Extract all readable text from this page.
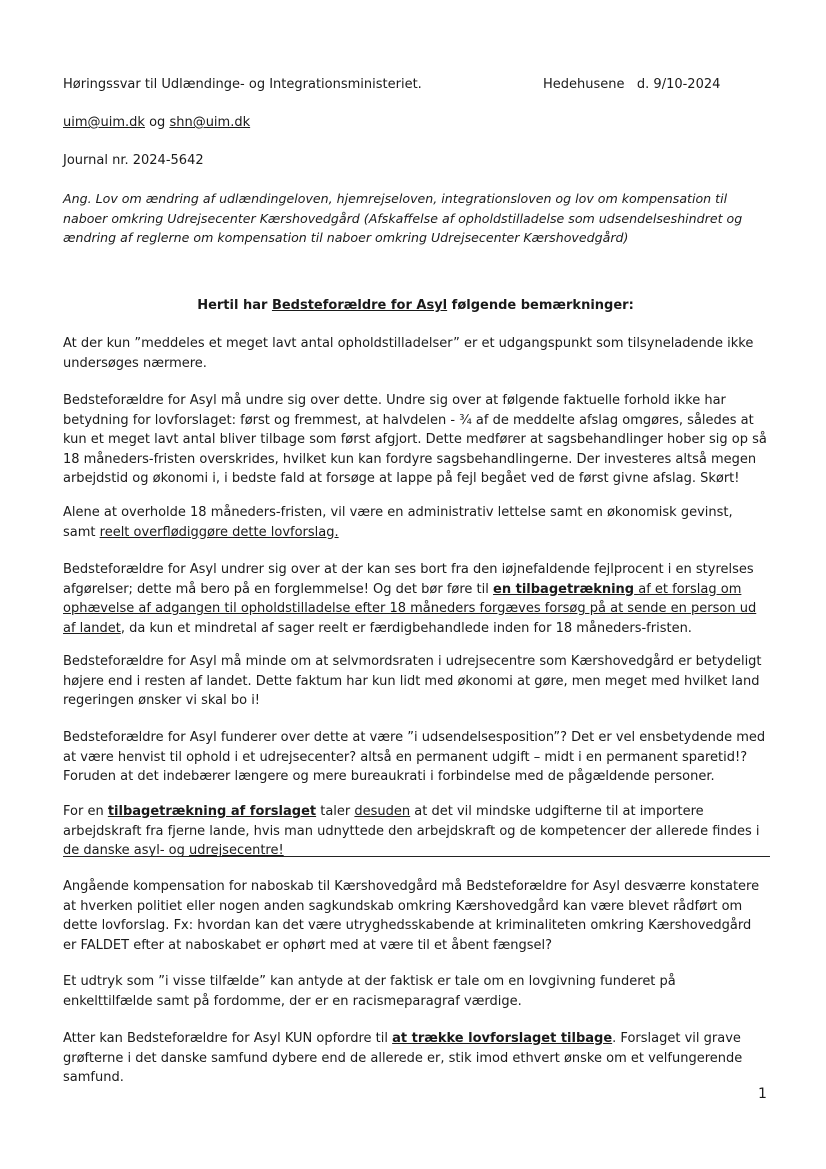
Høringssvar til Udlændinge- og Integrationsministeriet.	Hedehusene   d. 9/10-2024
uim@uim.dk og shn@uim.dk
Journal nr. 2024-5642
Ang. Lov om ændring af udlændingeloven, hjemrejseloven, integrationsloven og lov om kompensation til naboer omkring Udrejsecenter Kærshovedgård (Afskaffelse af opholdstilladelse som udsendelseshindret og ændring af reglerne om kompensation til naboer omkring Udrejsecenter Kærshovedgård)
Hertil har Bedsteforældre for Asyl følgende bemærkninger:
At der kun ”meddeles et meget lavt antal opholdstilladelser” er et udgangspunkt som tilsyneladende ikke undersøges nærmere.
Bedsteforældre for Asyl må undre sig over dette. Undre sig over at følgende faktuelle forhold ikke har betydning for lovforslaget: først og fremmest, at halvdelen - ¾ af de meddelte afslag omgøres, således at kun et meget lavt antal bliver tilbage som først afgjort. Dette medfører at sagsbehandlinger hober sig op så 18 måneders-fristen overskrides, hvilket kun kan fordyre sagsbehandlingerne. Der investeres altså megen arbejdstid og økonomi i, i bedste fald at forsøge at lappe på fejl begået ved de først givne afslag. Skørt!
Alene at overholde 18 måneders-fristen, vil være en administrativ lettelse samt en økonomisk gevinst, samt reelt overflødiggøre dette lovforslag.
Bedsteforældre for Asyl undrer sig over at der kan ses bort fra den iøjnefaldende fejlprocent i en styrelses afgørelser; dette må bero på en forglemmelse! Og det bør føre til en tilbagetrækning af et forslag om ophævelse af adgangen til opholdstilladelse efter 18 måneders forgæves forsøg på at sende en person ud af landet, da kun et mindretal af sager reelt er færdigbehandlede inden for 18 måneders-fristen.
Bedsteforældre for Asyl må minde om at selvmordsraten i udrejsecentre som Kærshovedgård er betydeligt højere end i resten af landet. Dette faktum har kun lidt med økonomi at gøre, men meget med hvilket land regeringen ønsker vi skal bo i!
Bedsteforældre for Asyl funderer over dette at være ”i udsendelsesposition”? Det er vel ensbetydende med at være henvist til ophold i et udrejsecenter? altså en permanent udgift – midt i en permanent sparetid!? Foruden at det indebærer længere og mere bureaukrati i forbindelse med de pågældende personer.
For en tilbagetrækning af forslaget taler desuden at det vil mindske udgifterne til at importere arbejdskraft fra fjerne lande, hvis man udnyttede den arbejdskraft og de kompetencer der allerede findes i de danske asyl- og udrejsecentre!
Angående kompensation for naboskab til Kærshovedgård må Bedsteforældre for Asyl desværre konstatere at hverken politiet eller nogen anden sagkundskab omkring Kærshovedgård kan være blevet rådført om dette lovforslag. Fx: hvordan kan det være utryghedsskabende at kriminaliteten omkring Kærshovedgård er FALDET efter at naboskabet er ophørt med at være til et åbent fængsel?
Et udtryk som ”i visse tilfælde” kan antyde at der faktisk er tale om en lovgivning funderet på enkelttilfælde samt på fordomme, der er en racismeparagraf værdige.
Atter kan Bedsteforældre for Asyl KUN opfordre til at trække lovforslaget tilbage. Forslaget vil grave grøfterne i det danske samfund dybere end de allerede er, stik imod ethvert ønske om et velfungerende samfund.
1
